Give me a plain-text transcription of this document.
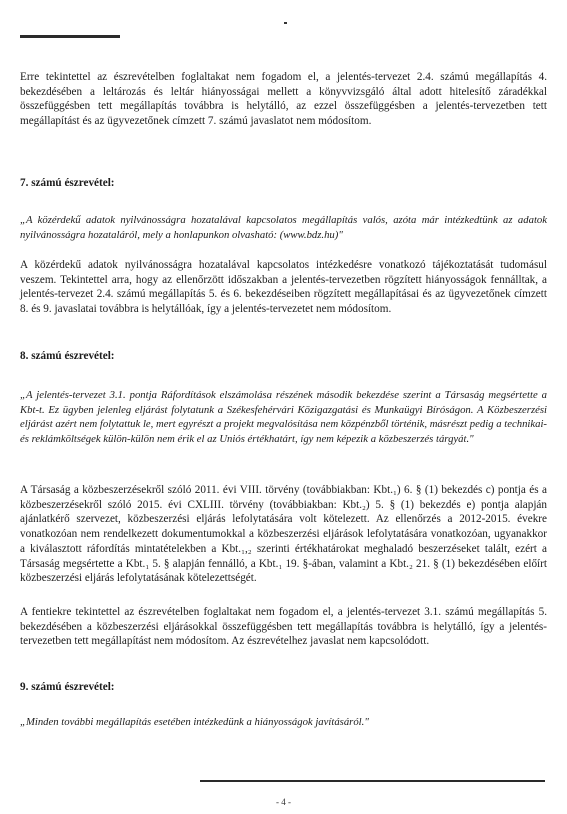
Erre tekintettel az észrevételben foglaltakat nem fogadom el, a jelentés-tervezet 2.4. számú megállapítás 4. bekezdésében a leltározás és leltár hiányosságai mellett a könyvvizsgáló által adott hitelesítő záradékkal összefüggésben tett megállapítás továbbra is helytálló, az ezzel összefüggésben a jelentés-tervezetben tett megállapítást és az ügyvezetőnek címzett 7. számú javaslatot nem módosítom.
7. számú észrevétel:
„A közérdekű adatok nyilvánosságra hozatalával kapcsolatos megállapítás valós, azóta már intézkedtünk az adatok nyilvánosságra hozataláról, mely a honlapunkon olvasható: (www.bdz.hu)"
A közérdekű adatok nyilvánosságra hozatalával kapcsolatos intézkedésre vonatkozó tájékoztatását tudomásul veszem. Tekintettel arra, hogy az ellenőrzött időszakban a jelentés-tervezetben rögzített hiányosságok fennálltak, a jelentés-tervezet 2.4. számú megállapítás 5. és 6. bekezdéseiben rögzített megállapításai és az ügyvezetőnek címzett 8. és 9. javaslatai továbbra is helytállóak, így a jelentés-tervezetet nem módosítom.
8. számú észrevétel:
„A jelentés-tervezet 3.1. pontja Ráfordítások elszámolása részének második bekezdése szerint a Társaság megsértette a Kbt-t. Ez ügyben jelenleg eljárást folytatunk a Székesfehérvári Közigazgatási és Munkaügyi Bíróságon. A Közbeszerzési eljárást azért nem folytattuk le, mert egyrészt a projekt megvalósítása nem közpénzből történik, másrészt pedig a technikai- és reklámköltségek külön-külön nem érik el az Uniós értékhatárt, így nem képezik a közbeszerzés tárgyát."
A Társaság a közbeszerzésekről szóló 2011. évi VIII. törvény (továbbiakban: Kbt.₁) 6. § (1) bekezdés c) pontja és a közbeszerzésekről szóló 2015. évi CXLIII. törvény (továbbiakban: Kbt.₂) 5. § (1) bekezdés e) pontja alapján ajánlatkérő szervezet, közbeszerzési eljárás lefolytatására volt kötelezett. Az ellenőrzés a 2012-2015. évekre vonatkozóan nem rendelkezett dokumentumokkal a közbeszerzési eljárások lefolytatására vonatkozóan, ugyanakkor a kiválasztott ráfordítás mintatételekben a Kbt.₁,₂ szerinti értékhatárokat meghaladó beszerzéseket talált, ezért a Társaság megsértette a Kbt.₁ 5. § alapján fennálló, a Kbt.₁ 19. §-ában, valamint a Kbt.₂ 21. § (1) bekezdésében előírt közbeszerzési eljárás lefolytatásának kötelezettségét.
A fentiekre tekintettel az észrevételben foglaltakat nem fogadom el, a jelentés-tervezet 3.1. számú megállapítás 5. bekezdésében a közbeszerzési eljárásokkal összefüggésben tett megállapítás továbbra is helytálló, így a jelentés-tervezetben tett megállapítást nem módosítom. Az észrevételhez javaslat nem kapcsolódott.
9. számú észrevétel:
„Minden további megállapítás esetében intézkedünk a hiányosságok javításáról."
- 4 -
